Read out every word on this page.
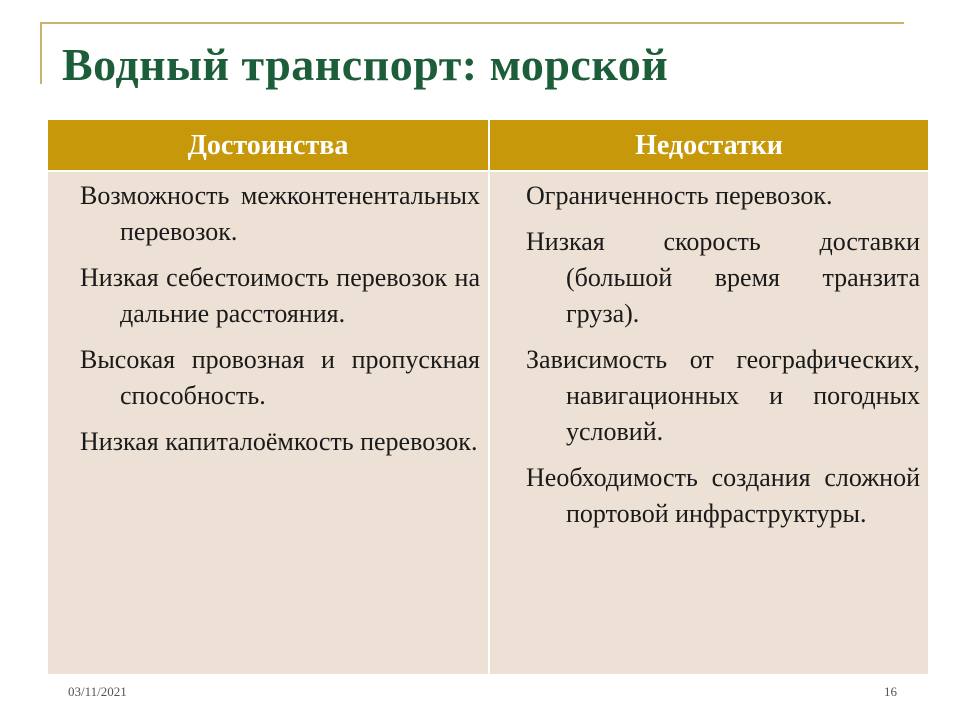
Водный транспорт: морской
Достоинства	Недостатки

Возможность межконтенентальных перевозок.

Низкая себестоимость перевозок на дальние расстояния.

Высокая провозная и пропускная способность.

Низкая капиталоёмкость перевозок.

Ограниченность перевозок.

Низкая скорость доставки (большой время транзита груза).

Зависимость от географических, навигационных и погодных условий.

Необходимость создания сложной портовой инфраструктуры.

03/11/2021	16
